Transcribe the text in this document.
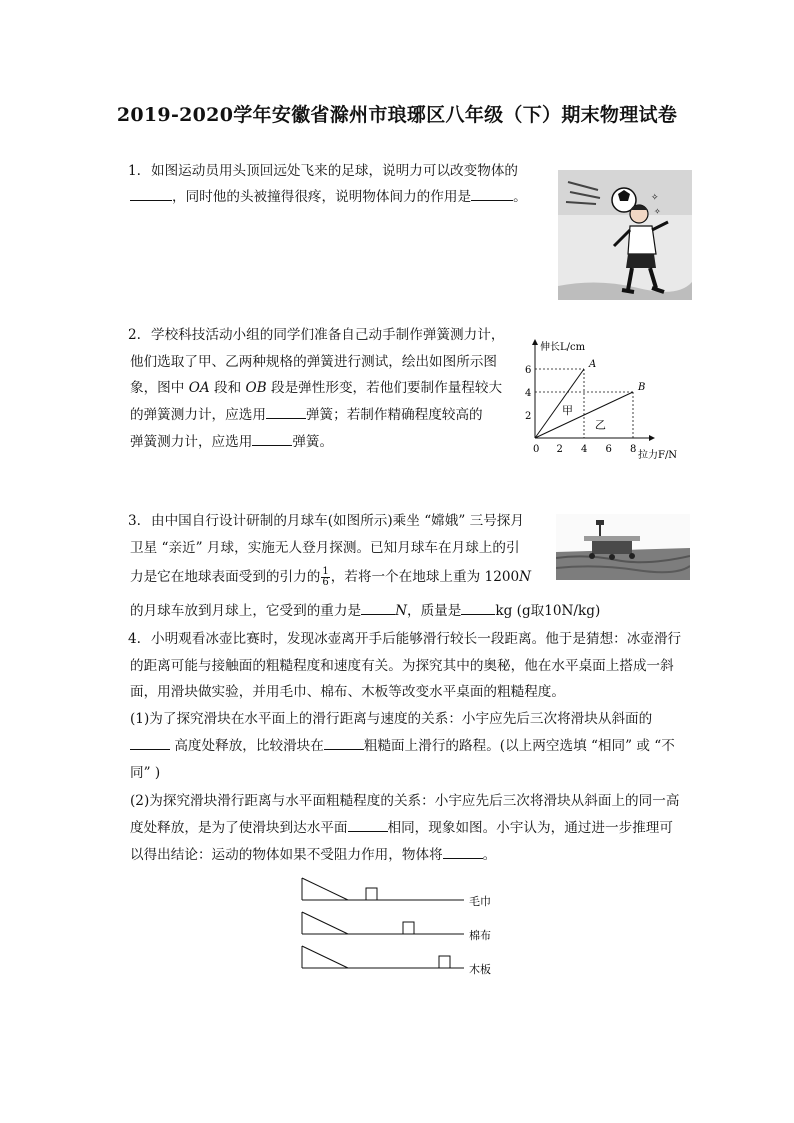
2019-2020学年安徽省滁州市琅琊区八年级（下）期末物理试卷
1. 如图运动员用头顶回远处飞来的足球，说明力可以改变物体的
，同时他的头被撞得很疼，说明物体间力的作用是	。	✧
✧
2. 学校科技活动小组的同学们准备自己动手制作弹簧测力计，
他们选取了甲、乙两种规格的弹簧进行测试，绘出如图所示图
象，图中 OA 段和 OB 段是弹性形变，若他们要制作量程较大
的弹簧测力计，应选用	弹簧；若制作精确程度较高的
弹簧测力计，应选用	弹簧。	0 2 4 6 8
2
4
6
A
甲
B
乙
伸长L/cm
拉力F/N
3. 由中国自行设计研制的月球车(如图所示)乘坐 “嫦娥” 三号探月
卫星 “亲近” 月球，实施无人登月探测。已知月球车在月球上的引
力是它在地球表面受到的引力的 $\frac{1}{6}$ ，若将一个在地球上重为 1200N
的月球车放到月球上，它受到的重力是	N，质量是	kg (g取10N/kg)
4. 小明观看冰壶比赛时，发现冰壶离开手后能够滑行较长一段距离。他于是猜想：冰壶滑行
的距离可能与接触面的粗糙程度和速度有关。为探究其中的奥秘，他在水平桌面上搭成一斜
面，用滑块做实验，并用毛巾、棉布、木板等改变水平桌面的粗糙程度。
(1)为了探究滑块在水平面上的滑行距离与速度的关系：小宇应先后三次将滑块从斜面的
高度处释放，比较滑块在	粗糙面上滑行的路程。(以上两空选填 “相同” 或 “不
同” )
(2)为探究滑块滑行距离与水平面粗糙程度的关系：小宇应先后三次将滑块从斜面上的同一高
度处释放，是为了使滑块到达水平面	相同，现象如图。小宇认为，通过进一步推理可
以得出结论：运动的物体如果不受阻力作用，物体将	。
毛巾
棉布
木板
